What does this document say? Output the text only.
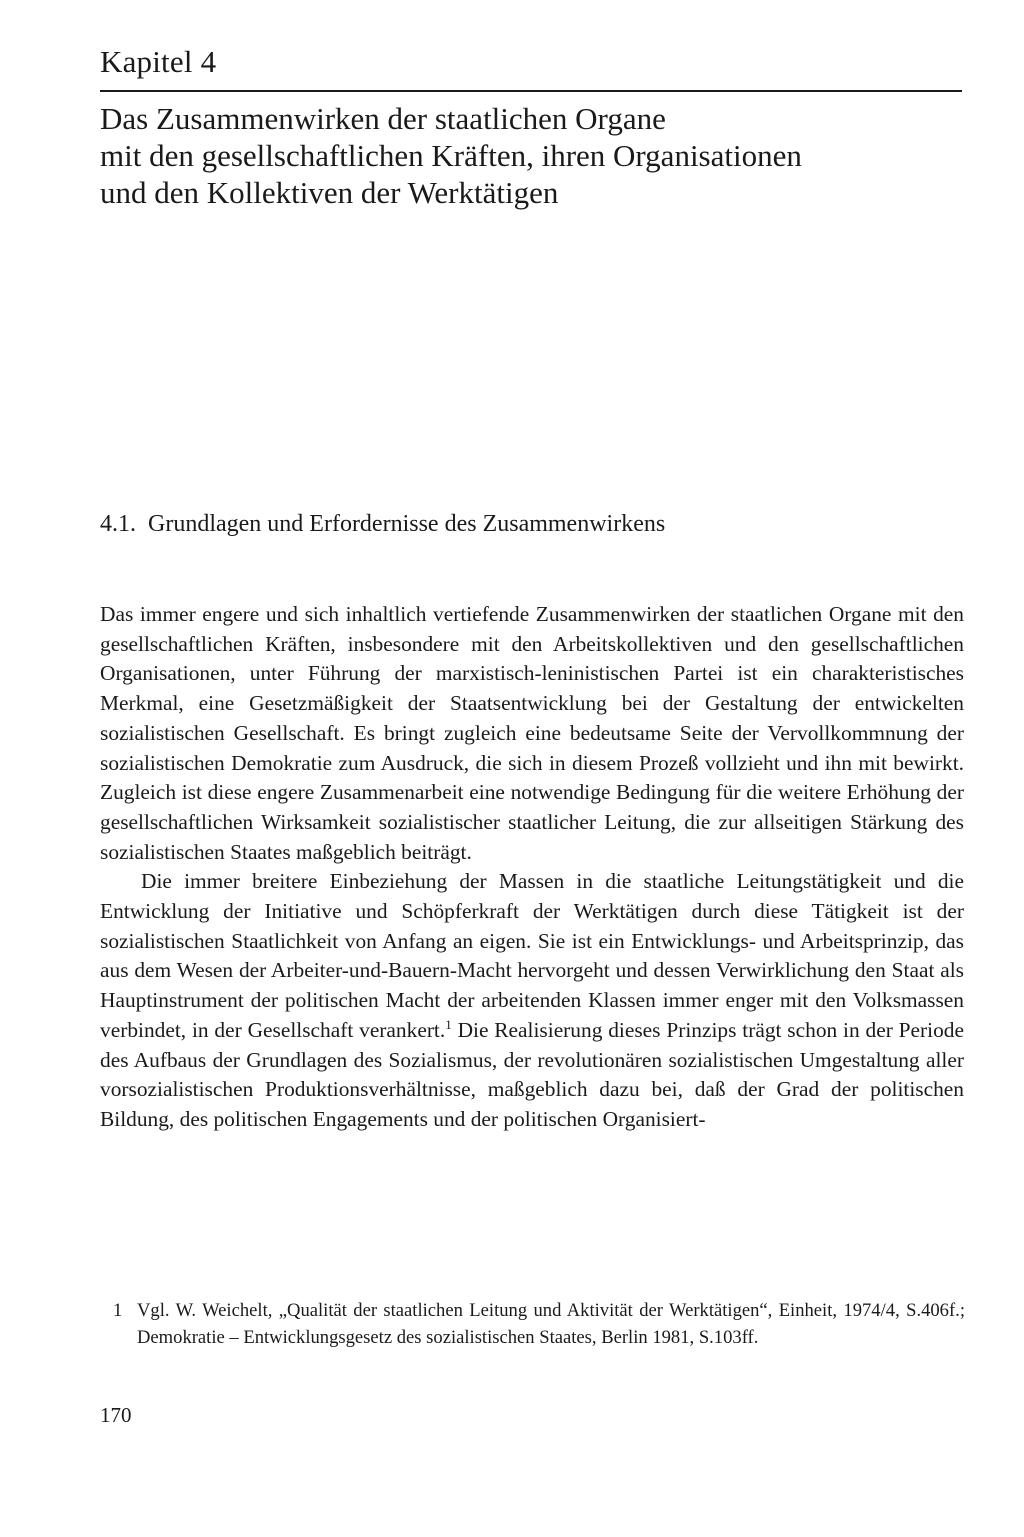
Kapitel 4
Das Zusammenwirken der staatlichen Organe
mit den gesellschaftlichen Kräften, ihren Organisationen
und den Kollektiven der Werktätigen
4.1. Grundlagen und Erfordernisse des Zusammenwirkens

Das immer engere und sich inhaltlich vertiefende Zusammenwirken der staatlichen Organe mit den gesellschaftlichen Kräften, insbesondere mit den Arbeitskollektiven und den gesellschaftlichen Organisationen, unter Führung der marxistisch-leninistischen Partei ist ein charakteristisches Merkmal, eine Gesetzmäßigkeit der Staatsentwicklung bei der Gestaltung der entwickelten sozialistischen Gesellschaft. Es bringt zugleich eine bedeutsame Seite der Vervollkommnung der sozialistischen Demokratie zum Ausdruck, die sich in diesem Prozeß vollzieht und ihn mit bewirkt. Zugleich ist diese engere Zusammenarbeit eine notwendige Bedingung für die weitere Erhöhung der gesellschaftlichen Wirksamkeit sozialistischer staatlicher Leitung, die zur allseitigen Stärkung des sozialistischen Staates maßgeblich beiträgt.

Die immer breitere Einbeziehung der Massen in die staatliche Leitungstätigkeit und die Entwicklung der Initiative und Schöpferkraft der Werktätigen durch diese Tätigkeit ist der sozialistischen Staatlichkeit von Anfang an eigen. Sie ist ein Entwicklungs- und Arbeitsprinzip, das aus dem Wesen der Arbeiter-und-Bauern-Macht hervorgeht und dessen Verwirklichung den Staat als Hauptinstrument der politischen Macht der arbeitenden Klassen immer enger mit den Volksmassen verbindet, in der Gesellschaft verankert.$^1$ Die Realisierung dieses Prinzips trägt schon in der Periode des Aufbaus der Grundlagen des Sozialismus, der revolutionären sozialistischen Umgestaltung aller vorsozialistischen Produktionsverhältnisse, maßgeblich dazu bei, daß der Grad der politischen Bildung, des politischen Engagements und der politischen Organisiert-

1 Vgl. W. Weichelt, „Qualität der staatlichen Leitung und Aktivität der Werktätigen“, Einheit, 1974/4, S.406f.; Demokratie – Entwicklungsgesetz des sozialistischen Staates, Berlin 1981, S.103ff.
170
